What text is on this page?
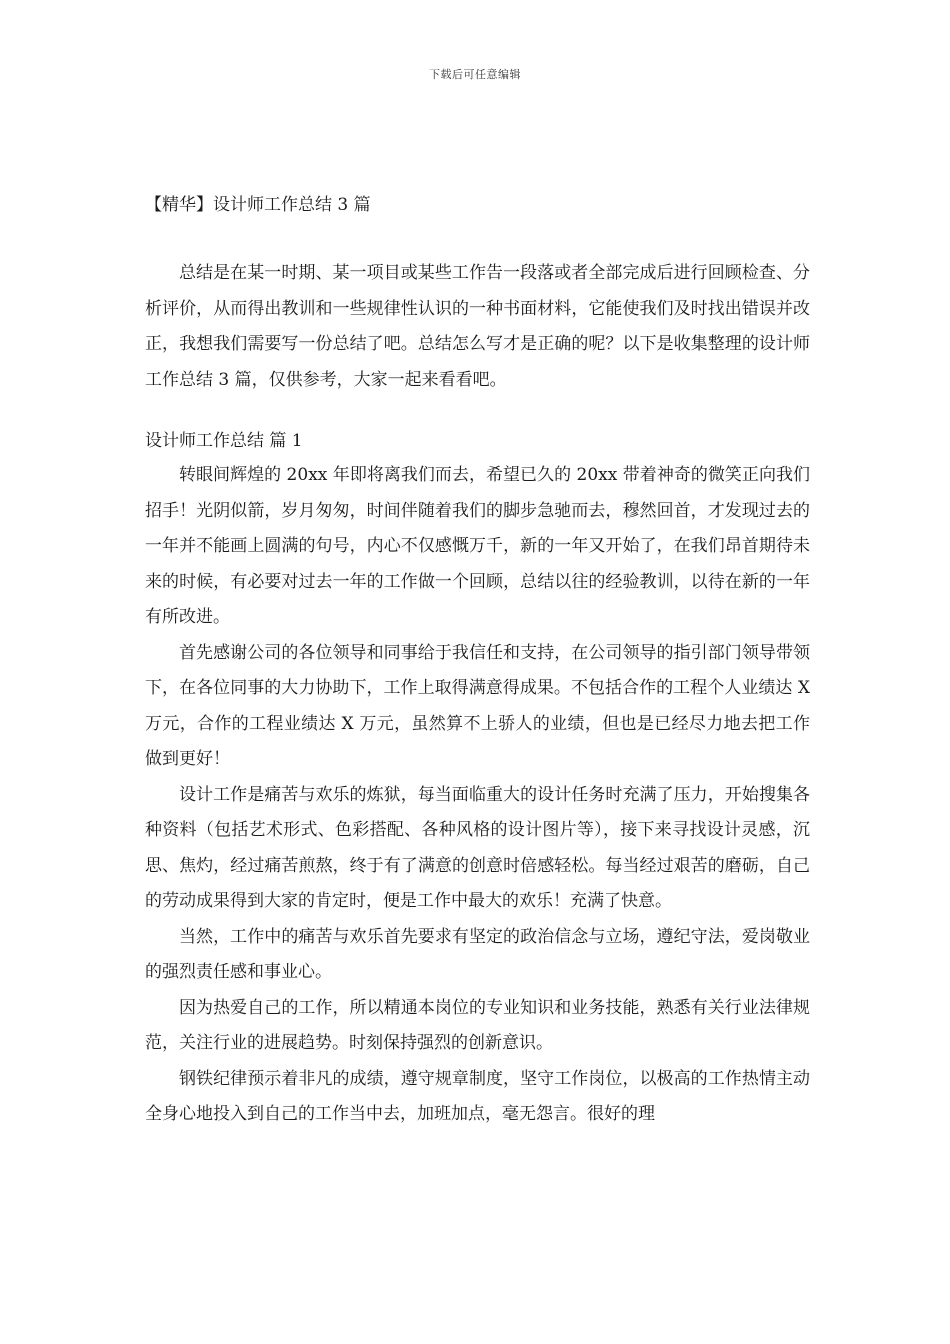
下载后可任意编辑
【精华】设计师工作总结 3 篇

总结是在某一时期、某一项目或某些工作告一段落或者全部完成后进行回顾检查、分析评价，从而得出教训和一些规律性认识的一种书面材料，它能使我们及时找出错误并改正，我想我们需要写一份总结了吧。总结怎么写才是正确的呢？以下是收集整理的设计师工作总结 3 篇，仅供参考，大家一起来看看吧。

设计师工作总结 篇 1

转眼间辉煌的 20xx 年即将离我们而去，希望已久的 20xx 带着神奇的微笑正向我们招手！光阴似箭，岁月匆匆，时间伴随着我们的脚步急驰而去，穆然回首，才发现过去的一年并不能画上圆满的句号，内心不仅感慨万千，新的一年又开始了，在我们昂首期待未来的时候，有必要对过去一年的工作做一个回顾，总结以往的经验教训，以待在新的一年有所改进。

首先感谢公司的各位领导和同事给于我信任和支持，在公司领导的指引部门领导带领下，在各位同事的大力协助下，工作上取得满意得成果。不包括合作的工程个人业绩达 X 万元，合作的工程业绩达 X 万元，虽然算不上骄人的业绩，但也是已经尽力地去把工作做到更好！

设计工作是痛苦与欢乐的炼狱，每当面临重大的设计任务时充满了压力，开始搜集各种资料（包括艺术形式、色彩搭配、各种风格的设计图片等），接下来寻找设计灵感，沉思、焦灼，经过痛苦煎熬，终于有了满意的创意时倍感轻松。每当经过艰苦的磨砺，自己的劳动成果得到大家的肯定时，便是工作中最大的欢乐！充满了快意。

当然，工作中的痛苦与欢乐首先要求有坚定的政治信念与立场，遵纪守法，爱岗敬业的强烈责任感和事业心。

因为热爱自己的工作，所以精通本岗位的专业知识和业务技能，熟悉有关行业法律规范，关注行业的进展趋势。时刻保持强烈的创新意识。

钢铁纪律预示着非凡的成绩，遵守规章制度，坚守工作岗位，以极高的工作热情主动全身心地投入到自己的工作当中去，加班加点，毫无怨言。很好的理
